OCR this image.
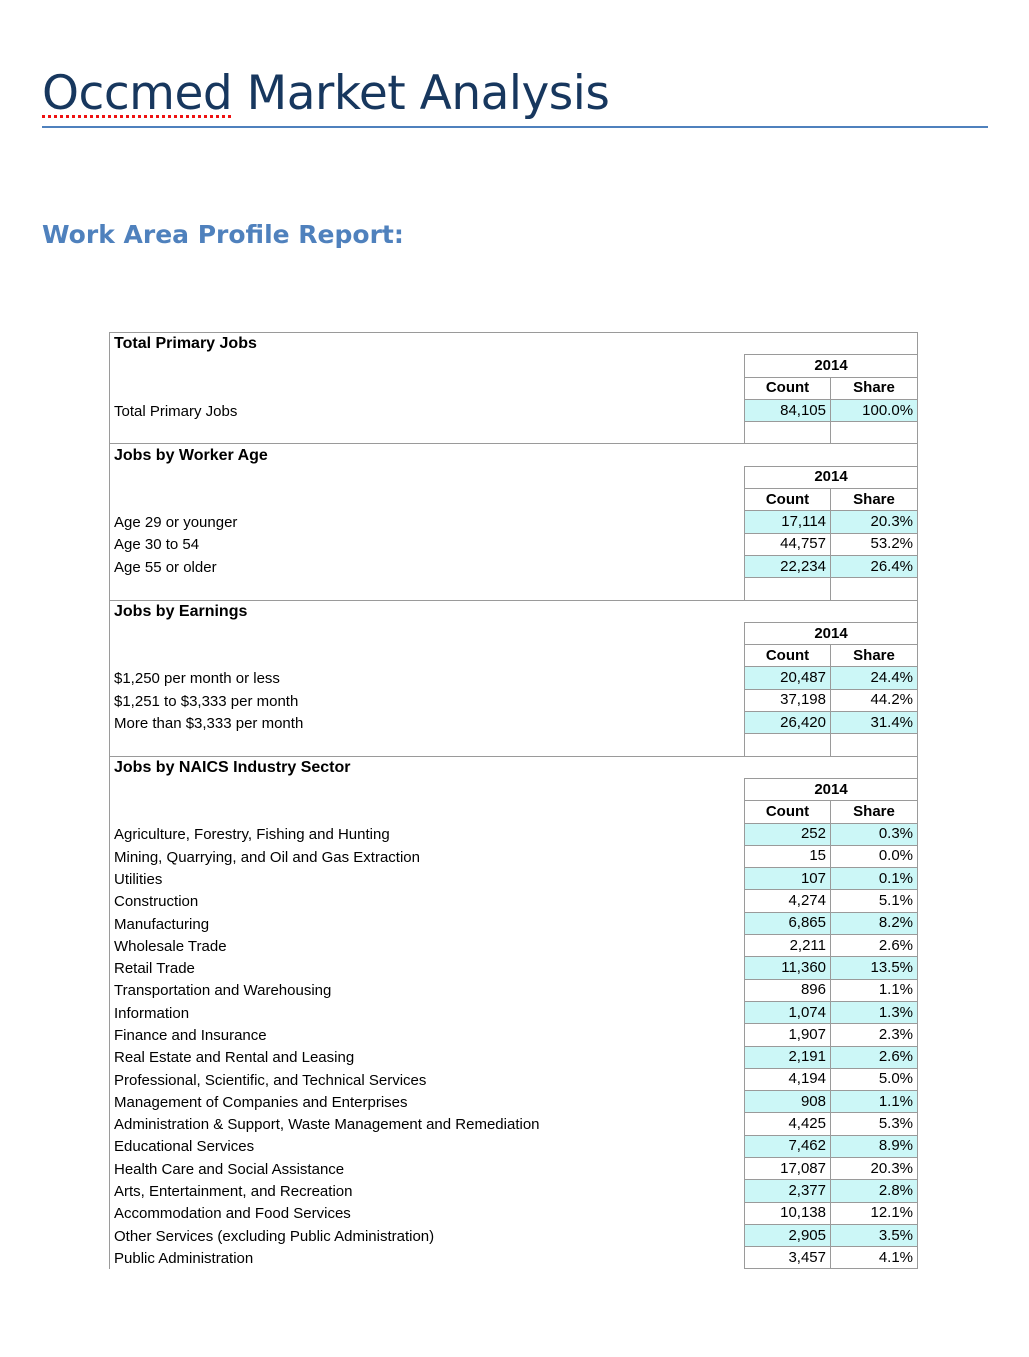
Occmed Market Analysis
Work Area Profile Report:
Total Primary Jobs		
	2014	
	Count	Share
Total Primary Jobs	84,105	100.0%

Jobs by Worker Age		
	2014	
	Count	Share
Age 29 or younger	17,114	20.3%
Age 30 to 54	44,757	53.2%
Age 55 or older	22,234	26.4%

Jobs by Earnings		
	2014	
	Count	Share
$1,250 per month or less	20,487	24.4%
$1,251 to $3,333 per month	37,198	44.2%
More than $3,333 per month	26,420	31.4%

Jobs by NAICS Industry Sector		
	2014	
	Count	Share
Agriculture, Forestry, Fishing and Hunting	252	0.3%
Mining, Quarrying, and Oil and Gas Extraction	15	0.0%
Utilities	107	0.1%
Construction	4,274	5.1%
Manufacturing	6,865	8.2%
Wholesale Trade	2,211	2.6%
Retail Trade	11,360	13.5%
Transportation and Warehousing	896	1.1%
Information	1,074	1.3%
Finance and Insurance	1,907	2.3%
Real Estate and Rental and Leasing	2,191	2.6%
Professional, Scientific, and Technical Services	4,194	5.0%
Management of Companies and Enterprises	908	1.1%
Administration & Support, Waste Management and Remediation	4,425	5.3%
Educational Services	7,462	8.9%
Health Care and Social Assistance	17,087	20.3%
Arts, Entertainment, and Recreation	2,377	2.8%
Accommodation and Food Services	10,138	12.1%
Other Services (excluding Public Administration)	2,905	3.5%
Public Administration	3,457	4.1%
